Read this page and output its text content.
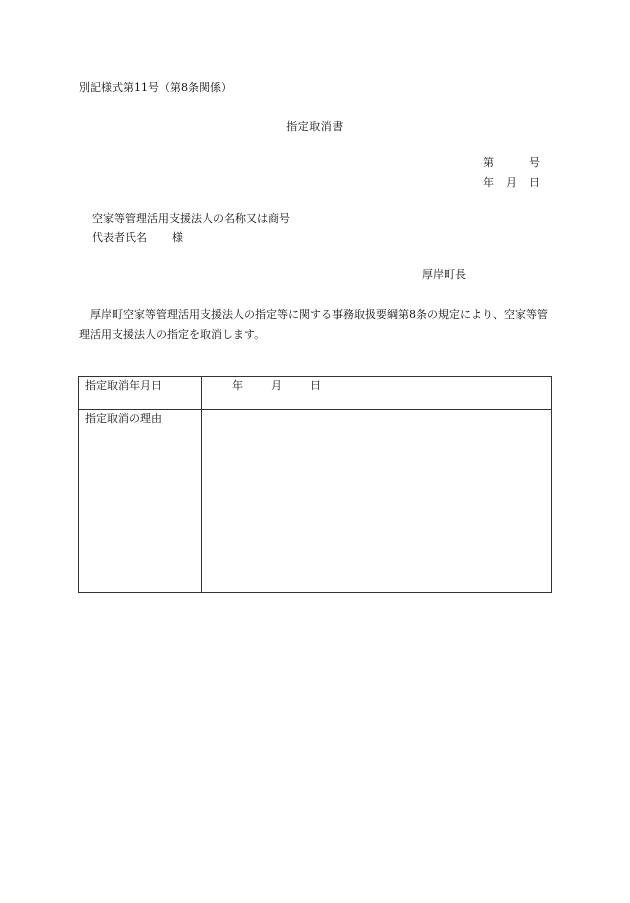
別記様式第11号（第8条関係）
指定取消書
第	号
年 月 日
空家等管理活用支援法人の名称又は商号
代表者氏名 様
厚岸町長
　厚岸町空家等管理活用支援法人の指定等に関する事務取扱要綱第8条の規定により、空家等管理活用支援法人の指定を取消します。
指定取消年月日	年 月 日
指定取消の理由	
